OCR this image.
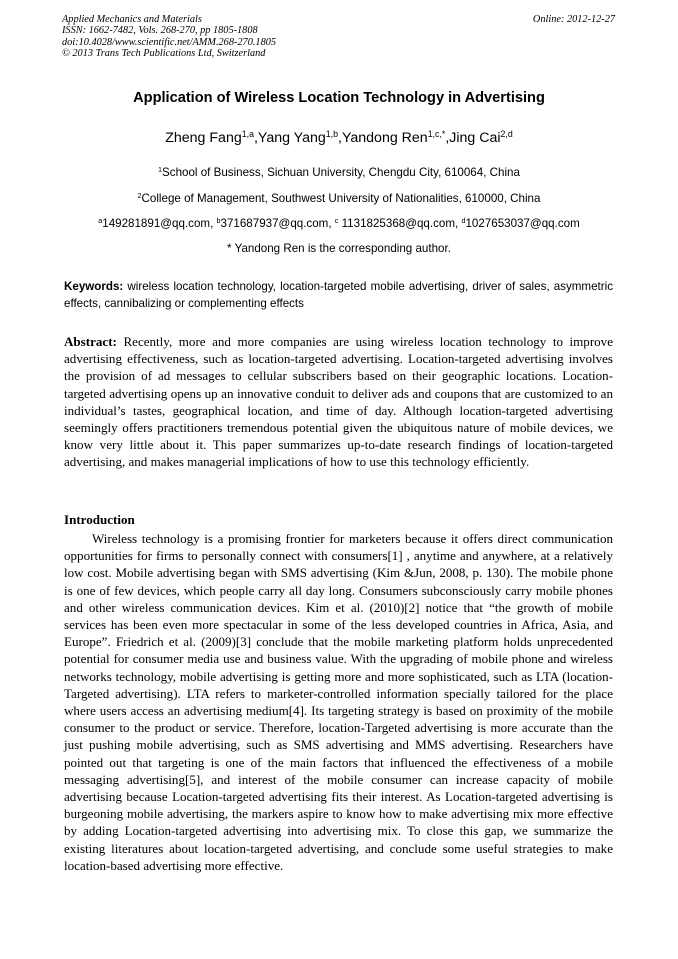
Applied Mechanics and Materials
ISSN: 1662-7482, Vols. 268-270, pp 1805-1808
doi:10.4028/www.scientific.net/AMM.268-270.1805
© 2013 Trans Tech Publications Ltd, Switzerland
Online: 2012-12-27
Application of Wireless Location Technology in Advertising
Zheng Fang$^{1,a}$,Yang Yang$^{1,b}$,Yandong Ren$^{1,c,*}$,Jing Cai$^{2,d}$
$^1$School of Business, Sichuan University, Chengdu City, 610064, China
$^2$College of Management, Southwest University of Nationalities, 610000, China
$^a$149281891@qq.com, $^b$371687937@qq.com, $^c$ 1131825368@qq.com, $^d$1027653037@qq.com
* Yandong Ren is the corresponding author.
Keywords: wireless location technology, location-targeted mobile advertising, driver of sales, asymmetric effects, cannibalizing or complementing effects
Abstract: Recently, more and more companies are using wireless location technology to improve advertising effectiveness, such as location-targeted advertising. Location-targeted advertising involves the provision of ad messages to cellular subscribers based on their geographic locations. Location-targeted advertising opens up an innovative conduit to deliver ads and coupons that are customized to an individual’s tastes, geographical location, and time of day. Although location-targeted advertising seemingly offers practitioners tremendous potential given the ubiquitous nature of mobile devices, we know very little about it. This paper summarizes up-to-date research findings of location-targeted advertising, and makes managerial implications of how to use this technology efficiently.
Introduction
Wireless technology is a promising frontier for marketers because it offers direct communication opportunities for firms to personally connect with consumers[1] , anytime and anywhere, at a relatively low cost. Mobile advertising began with SMS advertising (Kim &Jun, 2008, p. 130). The mobile phone is one of few devices, which people carry all day long. Consumers subconsciously carry mobile phones and other wireless communication devices. Kim et al. (2010)[2] notice that “the growth of mobile services has been even more spectacular in some of the less developed countries in Africa, Asia, and Europe”. Friedrich et al. (2009)[3] conclude that the mobile marketing platform holds unprecedented potential for consumer media use and business value. With the upgrading of mobile phone and wireless networks technology, mobile advertising is getting more and more sophisticated, such as LTA (location-Targeted advertising). LTA refers to marketer-controlled information specially tailored for the place where users access an advertising medium[4]. Its targeting strategy is based on proximity of the mobile consumer to the product or service. Therefore, location-Targeted advertising is more accurate than the just pushing mobile advertising, such as SMS advertising and MMS advertising. Researchers have pointed out that targeting is one of the main factors that influenced the effectiveness of a mobile messaging advertising[5], and interest of the mobile consumer can increase capacity of mobile advertising because Location-targeted advertising fits their interest. As Location-targeted advertising is burgeoning mobile advertising, the markers aspire to know how to make advertising mix more effective by adding Location-targeted advertising into advertising mix. To close this gap, we summarize the existing literatures about location-targeted advertising, and conclude some useful strategies to make location-based advertising more effective.
